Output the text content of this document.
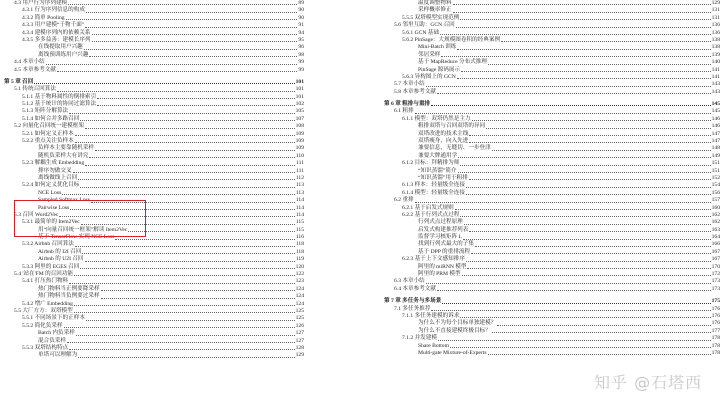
4.3 用户行为序列建模	89
4.3.1 行为序列信息的构成	90
4.3.2 简单 Pooling	90
4.3.3 用户建模“千物千面”	91
4.3.4 建模序列内的依赖关系	94
4.3.5 多多益善：建模长序列	95
在线提取用户兴趣	96
离线预训练用户兴趣	98
4.4 本章小结	99
4.5 本章参考文献	99
第 5 章 召回	101
5.1 传统召回算法	101
5.1.1 基于物料属性的倒排索引	101
5.1.2 基于统计的协同过滤算法	102
5.1.3 矩阵分解算法	105
5.1.4 如何合并多路召回	107
5.2 向量化召回统一建模框架	108
5.2.1 如何定义正样本	109
5.2.2 重点关注负样本	109
负样本主要靠随机采样	109
随机负采样大有讲究	110
5.2.3 解耦生成 Embedding	111
排序勿做交叉	111
离线做线上召回	112
5.2.4 如何定义优化目标	113
NCE Loss	113
Sampled Softmax Loss	114
Pairwise Loss	114
5.3 召回 Word2Vec	114
5.3.1 最简单的 Item2Vec	115
用“向量召回统一框架”解读 Item2Vec	115
基于 TensorFlow 实现 NCE Loss	116
5.3.2 Airbnb 召回算法	118
Airbnb 的 I2I 召回	118
Airbnb 的 U2I 召回	119
5.3.3 阿里的 EGES 召回	120
5.4 '站在'FM 的召回功能	122
5.4.1 打压热门物料	123
热门物料当正例要降采样	124
热门物料当负例要过采样	124
5.4.2 增广 Embedding	124
5.5 大厂方方：双塔模型	125
5.5.1 不同场景下的正样本	125
5.5.2 简化负采样	126
Batch 内负采样	127
混合负采样	127
5.5.3 双塔结构特点	128
单塔可以理解为	129
温度调整物料	129
采样概率修正	131
5.5.5 双塔模型实现范例	131
5.6 邻里互助：GCN 召回	136
5.6.1 GCN 基础	136
5.6.2 PinSage：大规模图卷积的经典案例	138
Mini-Batch 训练	138
邻居采样	139
基于 MapReduce 分布式推理	140
PinSage 源码展示	141
5.6.3 异构图上的 GCN	141
5.7 本章小结	143
5.8 本章参考文献	143
第 6 章 粗排与重排	145
6.1 粗排	145
6.1.1 模型：双塔仍然是主力	146
粗排双塔与召回双塔的异同	146
双塔改进的技术主线	147
双塔瘦身，向入先进	147
兼要信息，无缝切、一步登津	148
兼要大牌通用学	149
6.1.2 目标：拜精排为师	151
“知识蒸馏”简介	151
“知识蒸馏”用于粗排	152
6.1.3 样本：轻量级全连接	154
6.1.4 模型：轻量级全连接	156
6.2 重排	157
6.2.1 基于启发式规则	160
6.2.2 基于行列式点过程	162
行列式点过程原理	162
启发式构建推荐列表	163
监督学习核矩阵 L	164
找到行列式最大的子集	166
基于 DPP 的重排流程	167
6.2.3 基于上下文感知排序	167
阿里的 miRNN 模型	170
阿里的 PRM 模型	172
6.3 本章小结	173
6.4 本章参考文献	173
第 7 章 多任务与多场景	175
7.1 多任务推荐	176
7.1.1 多任务建模的诉求	176
为什么不为每个目标单独建模？	176
为什么不直接建模终极目标？	177
7.1.2 并发建模	178
Share Bottom	178
Multi-gate Mixture-of-Experts	178
知乎 @石塔西
